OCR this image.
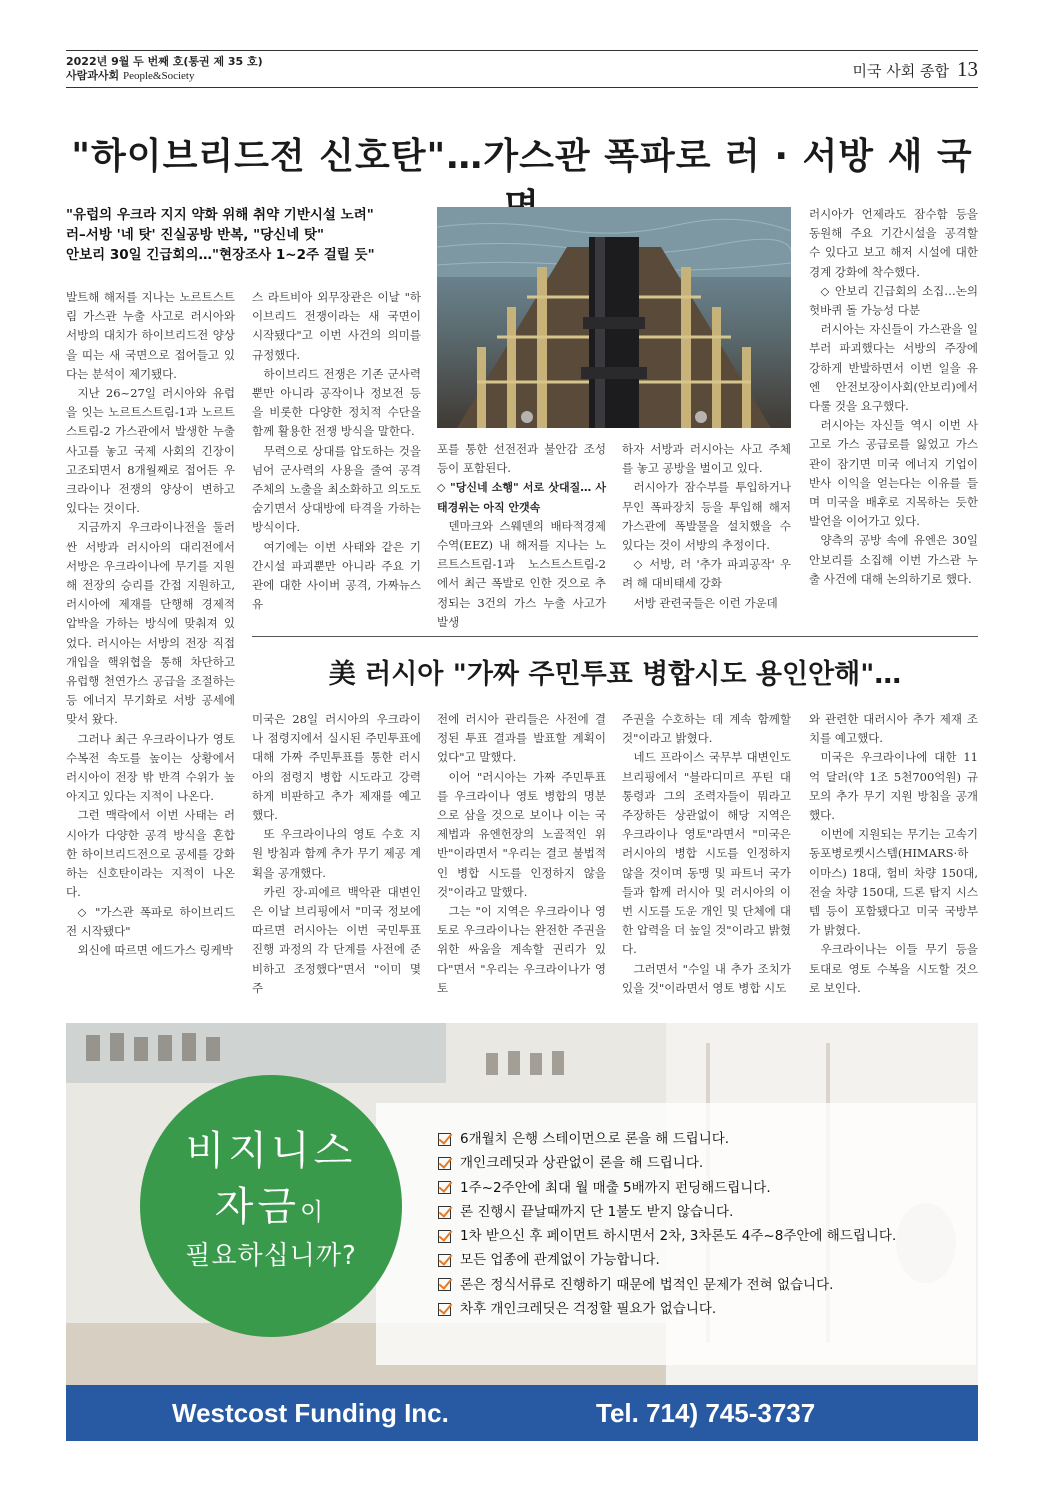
2022년 9월 두 번째 호(통권 제 35 호)
사람과사회 People&Society	미국 사회 종합 13
"하이브리드전 신호탄"…가스관 폭파로 러 · 서방 새 국
"유럽의 우크라 지지 약화 위해 취약 기반시설 노려"
러–서방 '네 탓' 진실공방 반복, "당신네 탓"
안보리 30일 긴급회의…"현장조사 1~2주 걸릴 듯"

발트해 해저를 지나는 노르트스트림 가스관 누출 사고로 러시아와 서방의 대치가 하이브리드전 양상을 띠는 새 국면으로 접어들고 있다는 분석이 제기됐다.

지난 26~27일 러시아와 유럽을 잇는 노르트스트림-1과 노르트스트림-2 가스관에서 발생한 누출 사고를 놓고 국제 사회의 긴장이 고조되면서 8개월째로 접어든 우크라이나 전쟁의 양상이 변하고 있다는 것이다.

지금까지 우크라이나전을 둘러싼 서방과 러시아의 대리전에서 서방은 우크라이나에 무기를 지원해 전장의 승리를 간접 지원하고, 러시아에 제재를 단행해 경제적 압박을 가하는 방식에 맞춰져 있었다. 러시아는 서방의 전장 직접 개입을 핵위협을 통해 차단하고 유럽행 천연가스 공급을 조절하는 등 에너지 무기화로 서방 공세에 맞서 왔다.

그러나 최근 우크라이나가 영토 수복전 속도를 높이는 상황에서 러시아이 전장 밖 반격 수위가 높아지고 있다는 지적이 나온다.

그런 맥락에서 이번 사태는 러시아가 다양한 공격 방식을 혼합한 하이브리드전으로 공세를 강화하는 신호탄이라는 지적이 나온다.

◇ "가스관 폭파로 하이브리드전 시작됐다"

외신에 따르면 에드가스 링케박

스 라트비아 외무장관은 이날 "하이브리드 전쟁이라는 새 국면이 시작됐다"고 이번 사건의 의미를 규정했다.

하이브리드 전쟁은 기존 군사력뿐만 아니라 공작이나 정보전 등을 비롯한 다양한 정치적 수단을 함께 활용한 전쟁 방식을 말한다.

무력으로 상대를 압도하는 것을 넘어 군사력의 사용을 줄여 공격 주체의 노출을 최소화하고 의도도 숨기면서 상대방에 타격을 가하는 방식이다.

여기에는 이번 사태와 같은 기간시설 파괴뿐만 아니라 주요 기관에 대한 사이버 공격, 가짜뉴스 유

포를 통한 선전전과 불안감 조성 등이 포함된다.

◇ "당신네 소행" 서로 삿대질… 사태경위는 아직 안갯속

덴마크와 스웨덴의 배타적경제수역(EEZ) 내 해저를 지나는 노르트스트림-1과 노스트스트림-2에서 최근 폭발로 인한 것으로 추정되는 3건의 가스 누출 사고가 발생

하자 서방과 러시아는 사고 주체를 놓고 공방을 벌이고 있다.

러시아가 잠수부를 투입하거나 무인 폭파장치 등을 투입해 해저 가스관에 폭발물을 설치했을 수 있다는 것이 서방의 추정이다.

◇ 서방, 러 '추가 파괴공작' 우려 해 대비태세 강화

서방 관련국들은 이런 가운데

러시아가 언제라도 잠수함 등을 동원해 주요 기간시설을 공격할 수 있다고 보고 해저 시설에 대한 경계 강화에 착수했다.

◇ 안보리 긴급회의 소집…논의 헛바퀴 돌 가능성 다분

러시아는 자신들이 가스관을 일부러 파괴했다는 서방의 주장에 강하게 반발하면서 이번 일을 유엔 안전보장이사회(안보리)에서 다룰 것을 요구했다.

러시아는 자신들 역시 이번 사고로 가스 공급로를 잃었고 가스관이 잠기면 미국 에너지 기업이 반사 이익을 얻는다는 이유를 들며 미국을 배후로 지목하는 듯한 발언을 이어가고 있다.

양측의 공방 속에 유엔은 30일 안보리를 소집해 이번 가스관 누출 사건에 대해 논의하기로 했다.

美 러시아 "가짜 주민투표 병합시도 용인안해"…

미국은 28일 러시아의 우크라이나 점령지에서 실시된 주민투표에 대해 가짜 주민투표를 통한 러시아의 점령지 병합 시도라고 강력하게 비판하고 추가 제재를 예고했다.

또 우크라이나의 영토 수호 지원 방침과 함께 추가 무기 제공 계획을 공개했다.

카린 장-피에르 백악관 대변인은 이날 브리핑에서 "미국 정보에 따르면 러시아는 이번 국민투표 진행 과정의 각 단계를 사전에 준비하고 조정했다"면서 "이미 몇 주

전에 러시아 관리들은 사전에 결정된 투표 결과를 발표할 계획이었다"고 말했다.

이어 "러시아는 가짜 주민투표를 우크라이나 영토 병합의 명분으로 삼을 것으로 보이나 이는 국제법과 유엔헌장의 노골적인 위반"이라면서 "우리는 결코 불법적인 병합 시도를 인정하지 않을 것"이라고 말했다.

그는 "이 지역은 우크라이나 영토로 우크라이나는 완전한 주권을 위한 싸움을 계속할 권리가 있다"면서 "우리는 우크라이나가 영토

주권을 수호하는 데 계속 함께할 것"이라고 밝혔다.

네드 프라이스 국무부 대변인도 브리핑에서 "블라디미르 푸틴 대통령과 그의 조력자들이 뭐라고 주장하든 상관없이 해당 지역은 우크라이나 영토"라면서 "미국은 러시아의 병합 시도를 인정하지 않을 것이며 동맹 및 파트너 국가들과 함께 러시아 및 러시아의 이번 시도를 도운 개인 및 단체에 대한 압력을 더 높일 것"이라고 밝혔다.

그러면서 "수일 내 추가 조치가 있을 것"이라면서 영토 병합 시도

와 관련한 대러시아 추가 제재 조치를 예고했다.

미국은 우크라이나에 대한 11억 달러(약 1조 5천700억원) 규모의 추가 무기 지원 방침을 공개했다.

이번에 지원되는 무기는 고속기동포병로켓시스템(HIMARS·하이마스) 18대, 험비 차량 150대, 전술 차량 150대, 드론 탐지 시스템 등이 포함됐다고 미국 국방부가 밝혔다.

우크라이나는 이들 무기 등을 토대로 영토 수복을 시도할 것으로 보인다.

비지니스
자금이
필요하십니까?
6개월치 은행 스테이먼으로 론을 해 드립니다.
개인크레딧과 상관없이 론을 해 드립니다.
1주~2주안에 최대 월 매출 5배까지 펀딩해드립니다.
론 진행시 끝날때까지 단 1불도 받지 않습니다.
1차 받으신 후 페이먼트 하시면서 2차, 3차론도 4주~8주안에 해드립니다.
모든 업종에 관계없이 가능합니다.
론은 정식서류로 진행하기 때문에 법적인 문제가 전혀 없습니다.
차후 개인크레딧은 걱정할 필요가 없습니다.
Westcost Funding Inc.	Tel. 714) 745-3737
